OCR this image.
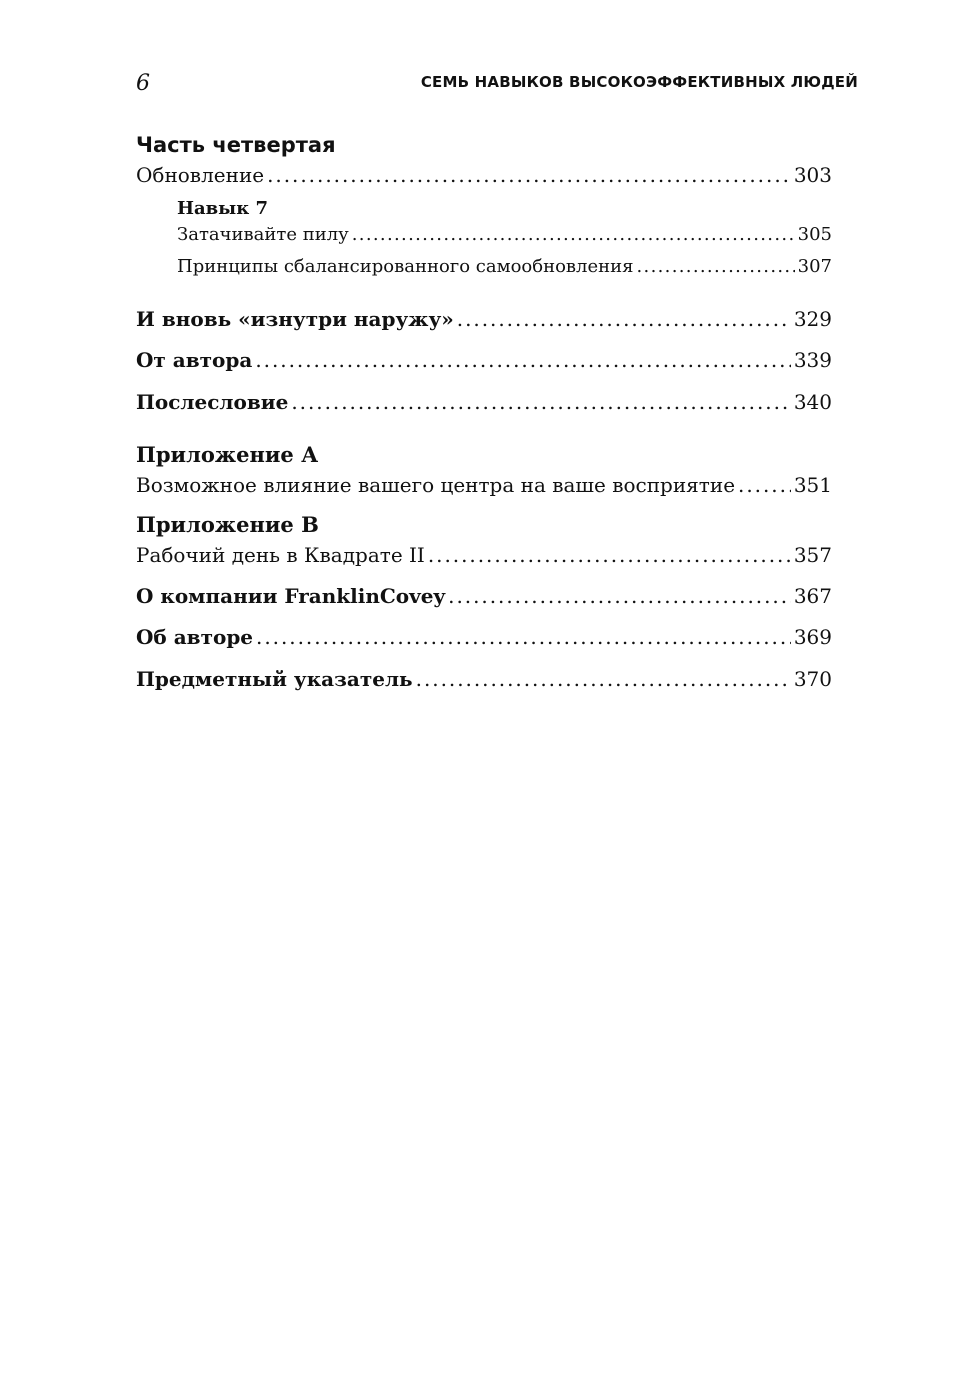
6	СЕМЬ НАВЫКОВ ВЫСОКОЭФФЕКТИВНЫХ ЛЮДЕЙ
Часть четвертая
Обновление . . .	303
Навык 7
Затачивайте пилу . . .	305
Принципы сбалансированного самообновления . . .	307
И вновь «изнутри наружу» . . .	329
От автора . . .	339
Послесловие . . .	340
Приложение А
Возможное влияние вашего центра на ваше восприятие . . .	351
Приложение В
Рабочий день в Квадрате II . . .	357
О компании FranklinCovey . . .	367
Об авторе . . .	369
Предметный указатель . . .	370
